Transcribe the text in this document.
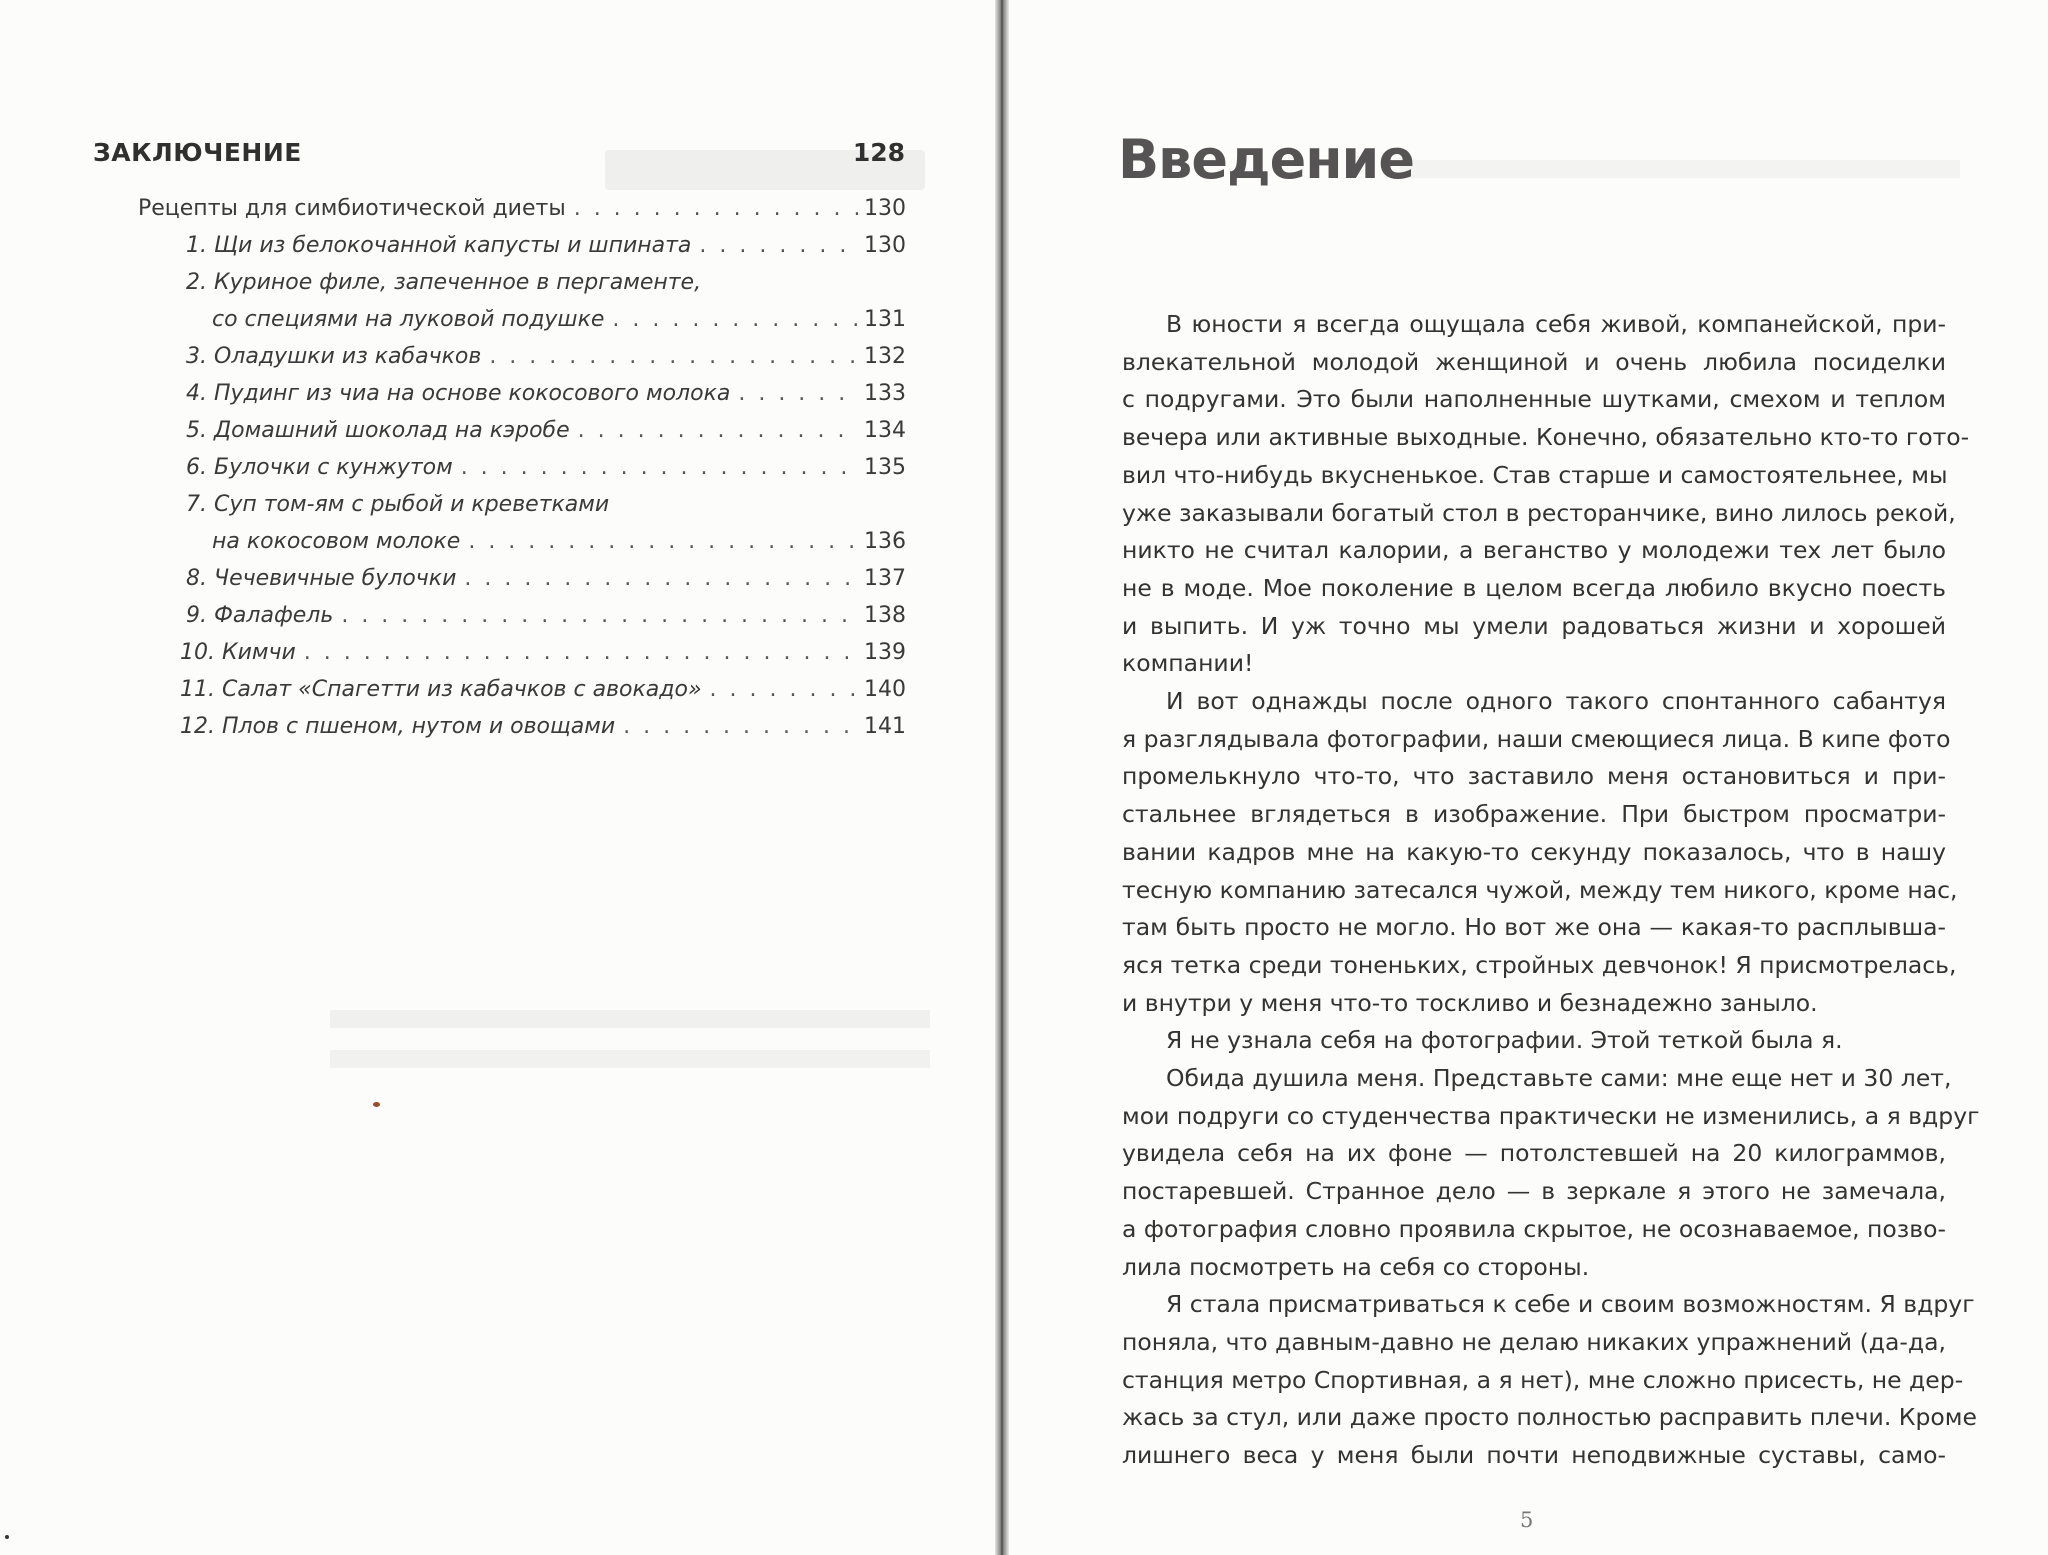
ЗАКЛЮЧЕНИЕ	128
Рецепты для симбиотической диеты . . .	130
1. Щи из белокочанной капусты и шпината . . .	130
2. Куриное филе, запеченное в пергаменте,
со специями на луковой подушке . . .	131
3. Оладушки из кабачков . . .	132
4. Пудинг из чиа на основе кокосового молока . . .	133
5. Домашний шоколад на кэробе . . .	134
6. Булочки с кунжутом . . .	135
7. Суп том-ям с рыбой и креветками
на кокосовом молоке . . .	136
8. Чечевичные булочки . . .	137
9. Фалафель . . .	138
10. Кимчи . . .	139
11. Салат «Спагетти из кабачков с авокадо» . . .	140
12. Плов с пшеном, нутом и овощами . . .	141
Введение
В юности я всегда ощущала себя живой, компанейской, при-
влекательной молодой женщиной и очень любила посиделки
с подругами. Это были наполненные шутками, смехом и теплом
вечера или активные выходные. Конечно, обязательно кто-то гото-
вил что-нибудь вкусненькое. Став старше и самостоятельнее, мы
уже заказывали богатый стол в ресторанчике, вино лилось рекой,
никто не считал калории, а веганство у молодежи тех лет было
не в моде. Мое поколение в целом всегда любило вкусно поесть
и выпить. И уж точно мы умели радоваться жизни и хорошей
компании!
И вот однажды после одного такого спонтанного сабантуя
я разглядывала фотографии, наши смеющиеся лица. В кипе фото
промелькнуло что-то, что заставило меня остановиться и при-
стальнее вглядеться в изображение. При быстром просматри-
вании кадров мне на какую-то секунду показалось, что в нашу
тесную компанию затесался чужой, между тем никого, кроме нас,
там быть просто не могло. Но вот же она — какая-то расплывша-
яся тетка среди тоненьких, стройных девчонок! Я присмотрелась,
и внутри у меня что-то тоскливо и безнадежно заныло.
Я не узнала себя на фотографии. Этой теткой была я.
Обида душила меня. Представьте сами: мне еще нет и 30 лет,
мои подруги со студенчества практически не изменились, а я вдруг
увидела себя на их фоне — потолстевшей на 20 килограммов,
постаревшей. Странное дело — в зеркале я этого не замечала,
а фотография словно проявила скрытое, не осознаваемое, позво-
лила посмотреть на себя со стороны.
Я стала присматриваться к себе и своим возможностям. Я вдруг
поняла, что давным-давно не делаю никаких упражнений (да-да,
станция метро Спортивная, а я нет), мне сложно присесть, не дер-
жась за стул, или даже просто полностью расправить плечи. Кроме
лишнего веса у меня были почти неподвижные суставы, само-
5
